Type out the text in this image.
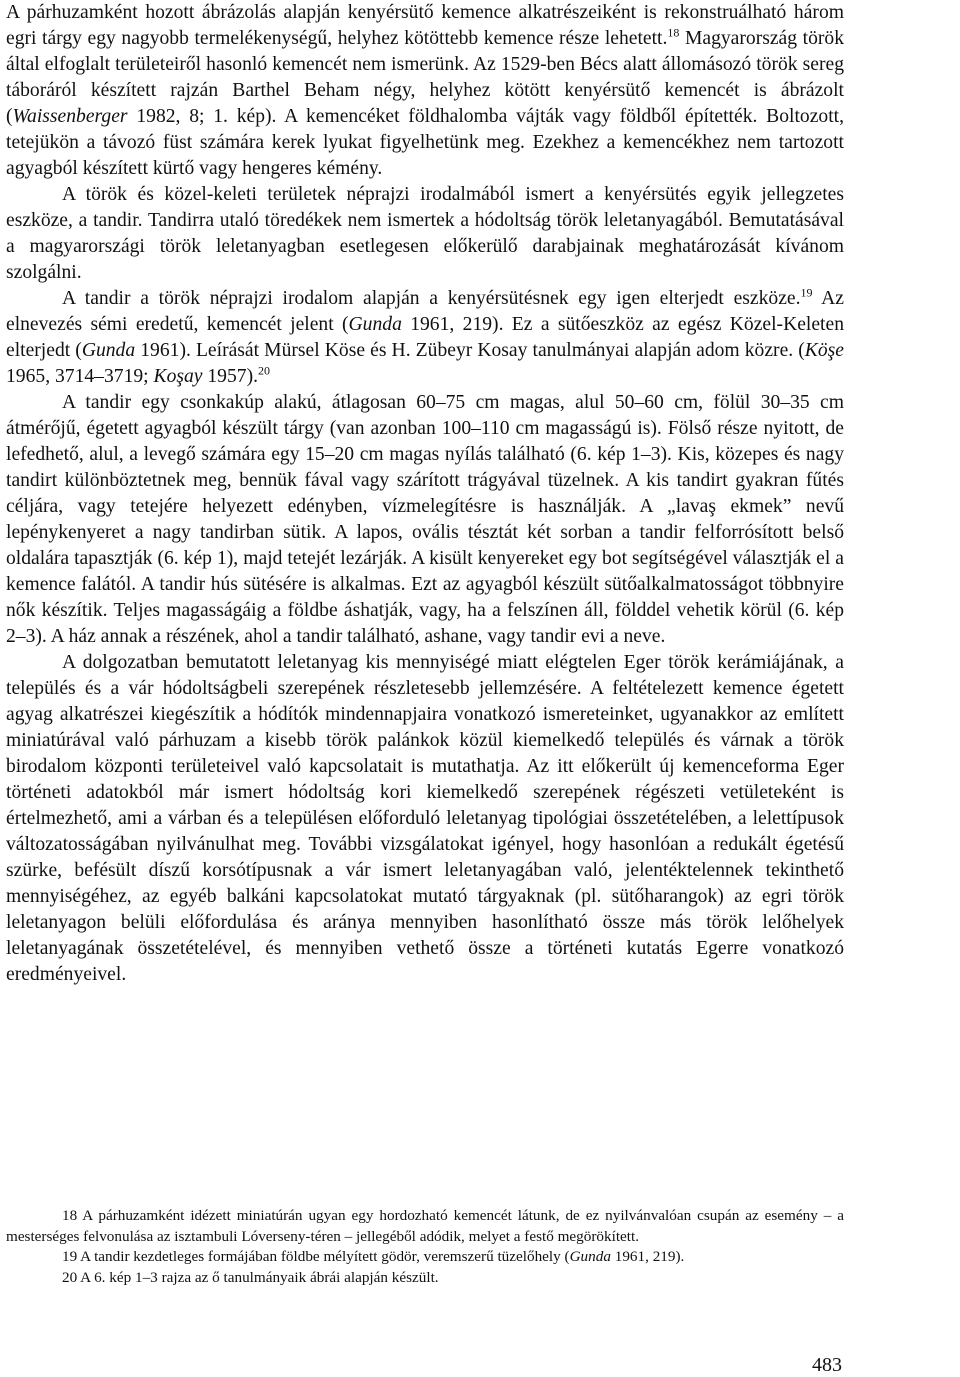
A párhuzamként hozott ábrázolás alapján kenyérsütő kemence alkatrészeiként is rekonstruálható három egri tárgy egy nagyobb termelékenységű, helyhez kötöttebb kemence része lehetett.$^{18}$ Magyarország török által elfoglalt területeiről hasonló kemencét nem ismerünk. Az 1529-ben Bécs alatt állomásozó török sereg táboráról készített rajzán Barthel Beham négy, helyhez kötött kenyérsütő kemencét is ábrázolt (Waissenberger 1982, 8; 1. kép). A kemencéket földhalomba vájták vagy földből építették. Boltozott, tetejükön a távozó füst számára kerek lyukat figyelhetünk meg. Ezekhez a kemencékhez nem tartozott agyagból készített kürtő vagy hengeres kémény.

A török és közel-keleti területek néprajzi irodalmából ismert a kenyérsütés egyik jellegzetes eszköze, a tandir. Tandirra utaló töredékek nem ismertek a hódoltság török leletanyagából. Bemutatásával a magyarországi török leletanyagban esetlegesen előkerülő darabjainak meghatározását kívánom szolgálni.

A tandir a török néprajzi irodalom alapján a kenyérsütésnek egy igen elterjedt eszköze.$^{19}$ Az elnevezés sémi eredetű, kemencét jelent (Gunda 1961, 219). Ez a sütőeszköz az egész Közel-Keleten elterjedt (Gunda 1961). Leírását Mürsel Köse és H. Zübeyr Kosay tanulmányai alapján adom közre. (Köşe 1965, 3714–3719; Koşay 1957).$^{20}$

A tandir egy csonkakúp alakú, átlagosan 60–75 cm magas, alul 50–60 cm, fölül 30–35 cm átmérőjű, égetett agyagból készült tárgy (van azonban 100–110 cm magasságú is). Fölső része nyitott, de lefedhető, alul, a levegő számára egy 15–20 cm magas nyílás található (6. kép 1–3). Kis, közepes és nagy tandirt különböztetnek meg, bennük fával vagy szárított trágyával tüzelnek. A kis tandirt gyakran fűtés céljára, vagy tetejére helyezett edényben, vízmelegítésre is használják. A „lavaş ekmek” nevű lepénykenyeret a nagy tandirban sütik. A lapos, ovális tésztát két sorban a tandir felforrósított belső oldalára tapasztják (6. kép 1), majd tetejét lezárják. A kisült kenyereket egy bot segítségével választják el a kemence falától. A tandir hús sütésére is alkalmas. Ezt az agyagból készült sütőalkalmatosságot többnyire nők készítik. Teljes magasságáig a földbe áshatják, vagy, ha a felszínen áll, földdel vehetik körül (6. kép 2–3). A ház annak a részének, ahol a tandir található, ashane, vagy tandir evi a neve.

A dolgozatban bemutatott leletanyag kis mennyiségé miatt elégtelen Eger török kerámiájának, a település és a vár hódoltságbeli szerepének részletesebb jellemzésére. A feltételezett kemence égetett agyag alkatrészei kiegészítik a hódítók mindennapjaira vonatkozó ismereteinket, ugyanakkor az említett miniatúrával való párhuzam a kisebb török palánkok közül kiemelkedő település és várnak a török birodalom központi területeivel való kapcsolatait is mutathatja. Az itt előkerült új kemenceforma Eger történeti adatokból már ismert hódoltság kori kiemelkedő szerepének régészeti vetületeként is értelmezhető, ami a várban és a településen előforduló leletanyag tipológiai összetételében, a lelettípusok változatosságában nyilvánulhat meg. További vizsgálatokat igényel, hogy hasonlóan a redukált égetésű szürke, befésült díszű korsótípusnak a vár ismert leletanyagában való, jelentéktelennek tekinthető mennyiségéhez, az egyéb balkáni kapcsolatokat mutató tárgyaknak (pl. sütőharangok) az egri török leletanyagon belüli előfordulása és aránya mennyiben hasonlítható össze más török lelőhelyek leletanyagának összetételével, és mennyiben vethető össze a történeti kutatás Egerre vonatkozó eredményeivel.

18 A párhuzamként idézett miniatúrán ugyan egy hordozható kemencét látunk, de ez nyilvánvalóan csupán az esemény – a mesterséges felvonulása az isztambuli Lóverseny-téren – jellegéből adódik, melyet a festő megörökített.

19 A tandir kezdetleges formájában földbe mélyített gödör, veremszerű tüzelőhely (Gunda 1961, 219).

20 A 6. kép 1–3 rajza az ő tanulmányaik ábrái alapján készült.

483
